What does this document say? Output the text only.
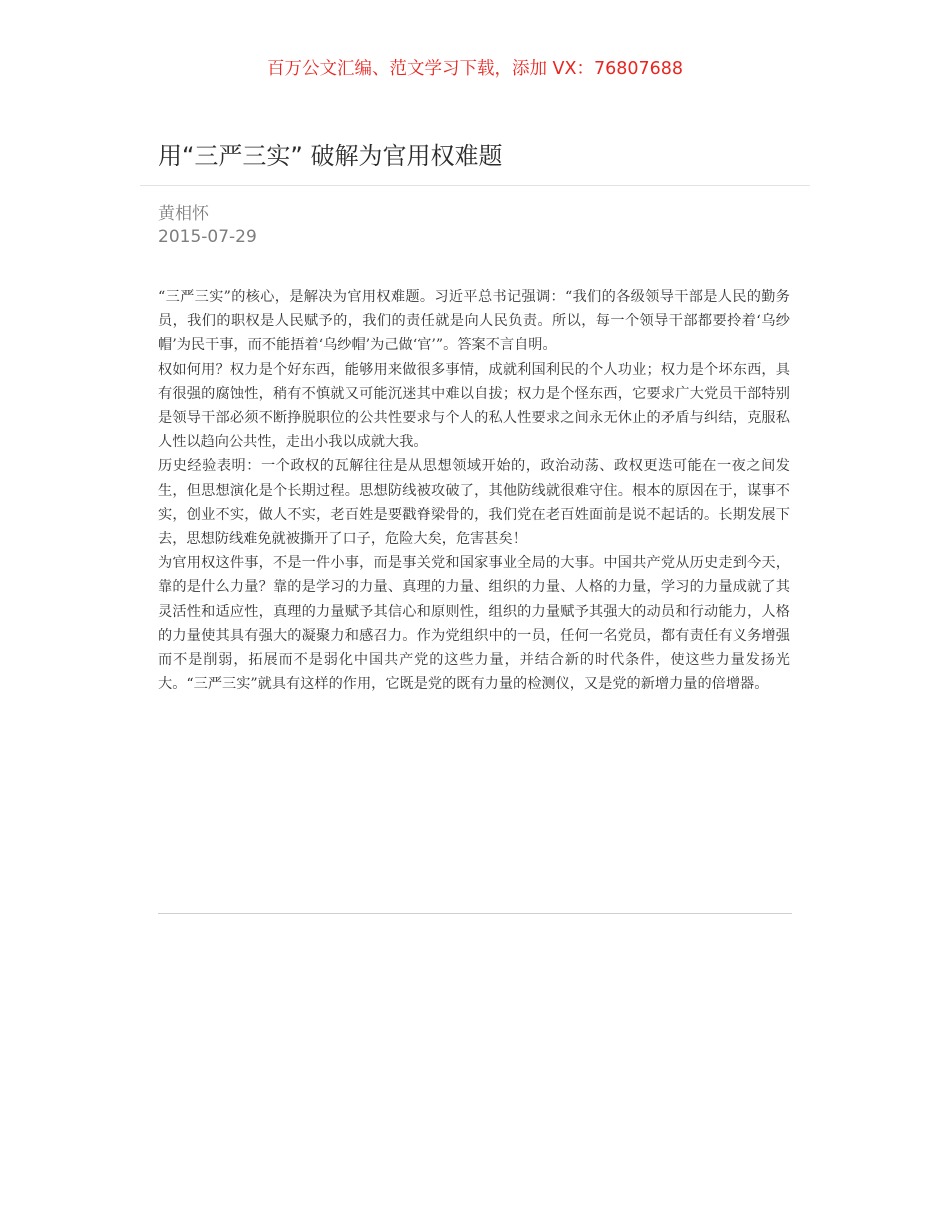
百万公文汇编、范文学习下载，添加 VX：76807688
用“三严三实” 破解为官用权难题
黄相怀
2015-07-29

“三严三实”的核心，是解决为官用权难题。习近平总书记强调：“我们的各级领导干部是人民的勤务员，我们的职权是人民赋予的，我们的责任就是向人民负责。所以，每一个领导干部都要拎着‘乌纱帽’为民干事，而不能捂着‘乌纱帽’为己做‘官’”。答案不言自明。

权如何用？权力是个好东西，能够用来做很多事情，成就利国利民的个人功业；权力是个坏东西，具有很强的腐蚀性，稍有不慎就又可能沉迷其中难以自拔；权力是个怪东西，它要求广大党员干部特别是领导干部必须不断挣脱职位的公共性要求与个人的私人性要求之间永无休止的矛盾与纠结，克服私人性以趋向公共性，走出小我以成就大我。

历史经验表明：一个政权的瓦解往往是从思想领域开始的，政治动荡、政权更迭可能在一夜之间发生，但思想演化是个长期过程。思想防线被攻破了，其他防线就很难守住。根本的原因在于，谋事不实，创业不实，做人不实，老百姓是要戳脊梁骨的，我们党在老百姓面前是说不起话的。长期发展下去，思想防线难免就被撕开了口子，危险大矣，危害甚矣！

为官用权这件事，不是一件小事，而是事关党和国家事业全局的大事。中国共产党从历史走到今天，靠的是什么力量？靠的是学习的力量、真理的力量、组织的力量、人格的力量，学习的力量成就了其灵活性和适应性，真理的力量赋予其信心和原则性，组织的力量赋予其强大的动员和行动能力，人格的力量使其具有强大的凝聚力和感召力。作为党组织中的一员，任何一名党员，都有责任有义务增强而不是削弱，拓展而不是弱化中国共产党的这些力量，并结合新的时代条件，使这些力量发扬光大。“三严三实”就具有这样的作用，它既是党的既有力量的检测仪，又是党的新增力量的倍增器。
